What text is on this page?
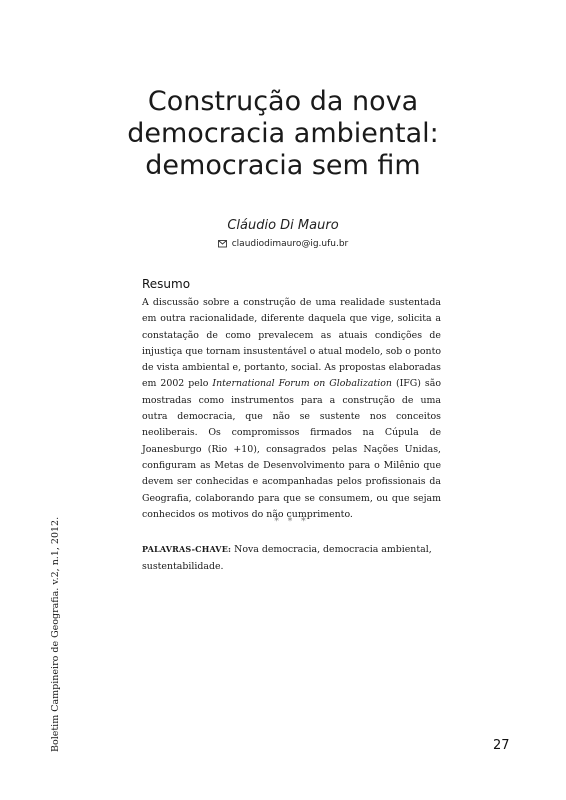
Construção da nova
democracia ambiental:
democracia sem fim
Cláudio Di Mauro
claudiodimauro@ig.ufu.br
Resumo
A discussão sobre a construção de uma realidade sustentada em outra racionalidade, diferente daquela que vige, solicita a constatação de como prevalecem as atuais condições de injustiça que tornam insustentável o atual modelo, sob o ponto de vista ambiental e, portanto, social. As propostas elaboradas em 2002 pelo International Forum on Globalization (IFG) são mostradas como instrumentos para a construção de uma outra democracia, que não se sustente nos conceitos neoliberais. Os compromissos firmados na Cúpula de Joanesburgo (Rio +10), consagrados pelas Nações Unidas, configuram as Metas de Desenvolvimento para o Milênio que devem ser conhecidas e acompanhadas pelos profissionais da Geografia, colaborando para que se consumem, ou que sejam conhecidos os motivos do não cumprimento.
* * *
PALAVRAS-CHAVE: Nova democracia, democracia ambiental, sustentabilidade.
Boletim Campineiro de Geografia. v.2, n.1, 2012.	27
